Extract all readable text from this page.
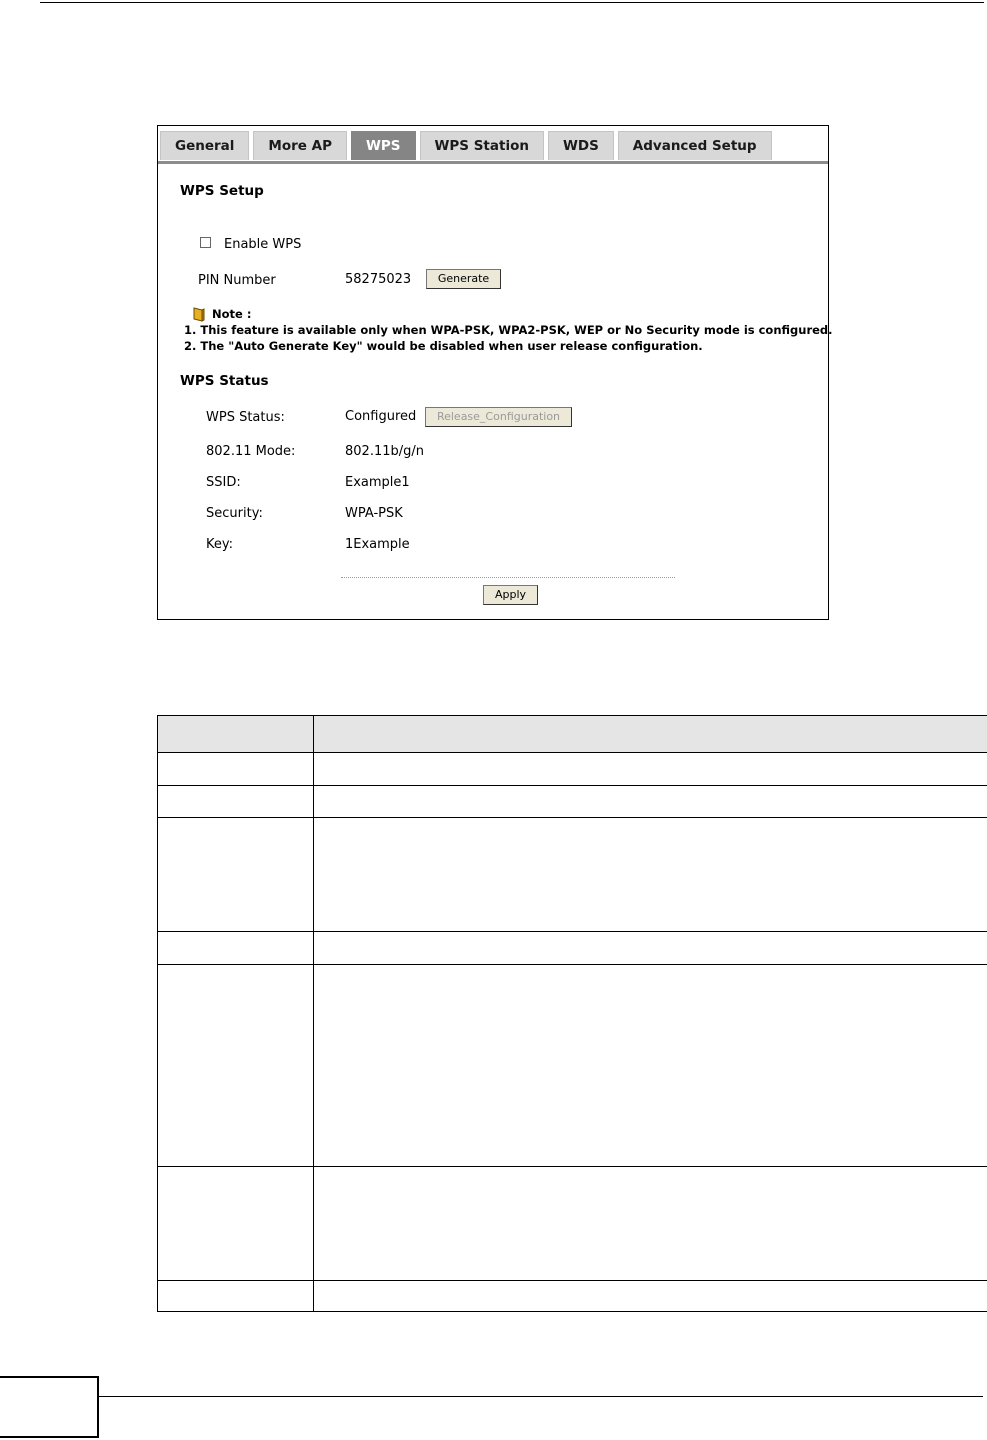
General	More AP	WPS	WPS Station	WDS	Advanced Setup
WPS Setup
Enable WPS
PIN Number	58275023	Generate
Note :
1. This feature is available only when WPA-PSK, WPA2-PSK, WEP or No Security mode is configured.
2. The "Auto Generate Key" would be disabled when user release configuration.
WPS Status
WPS Status:	Configured	Release_Configuration
802.11 Mode:	802.11b/g/n
SSID:	Example1
Security:	WPA-PSK
Key:	1Example
Apply
